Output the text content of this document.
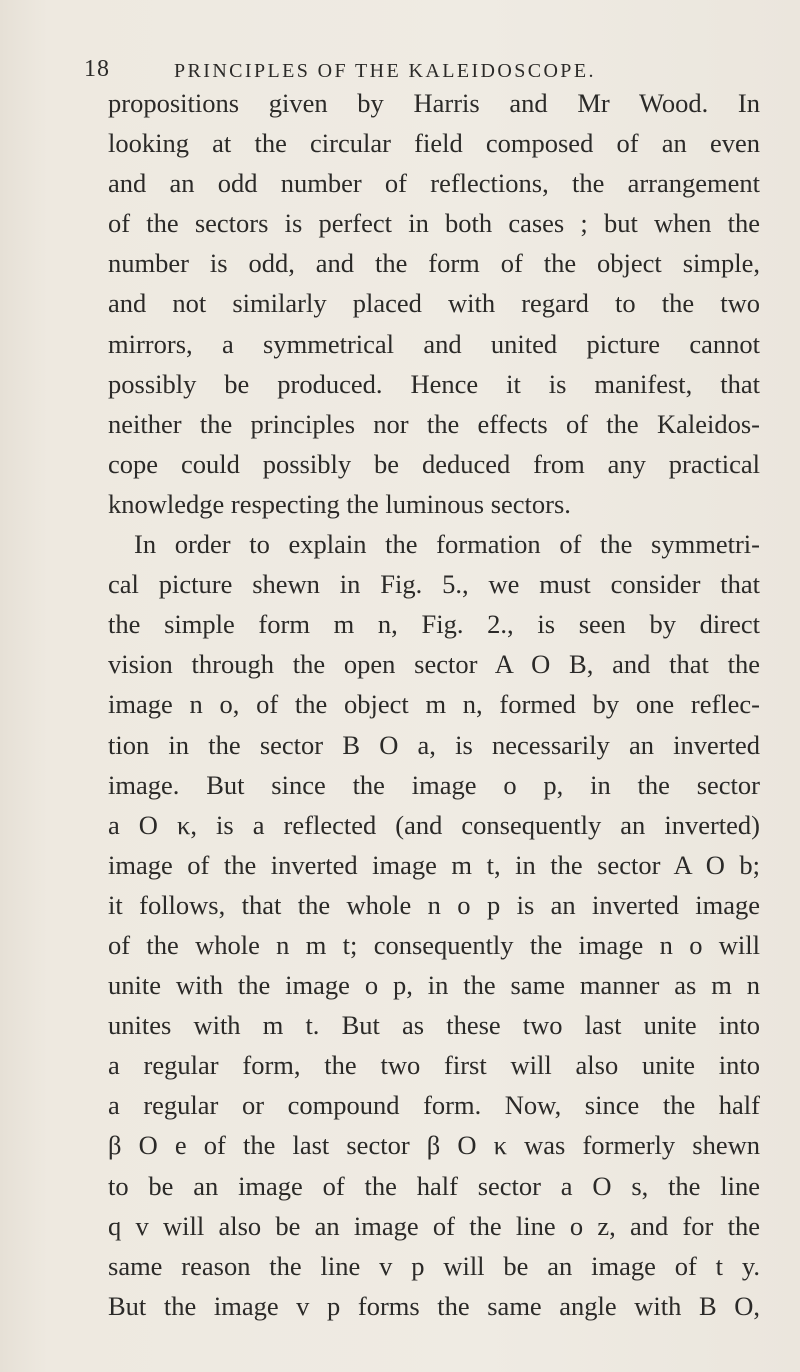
18	PRINCIPLES OF THE KALEIDOSCOPE.
propositions given by Harris and Mr Wood. In
looking at the circular field composed of an even
and an odd number of reflections, the arrangement
of the sectors is perfect in both cases ; but when the
number is odd, and the form of the object simple,
and not similarly placed with regard to the two
mirrors, a symmetrical and united picture cannot
possibly be produced. Hence it is manifest, that
neither the principles nor the effects of the Kaleidos-
cope could possibly be deduced from any practical
knowledge respecting the luminous sectors.
In order to explain the formation of the symmetri-
cal picture shewn in Fig. 5., we must consider that
the simple form m n, Fig. 2., is seen by direct
vision through the open sector A O B, and that the
image n o, of the object m n, formed by one reflec-
tion in the sector B O a, is necessarily an inverted
image. But since the image o p, in the sector
a O κ, is a reflected (and consequently an inverted)
image of the inverted image m t, in the sector A O b;
it follows, that the whole n o p is an inverted image
of the whole n m t; consequently the image n o will
unite with the image o p, in the same manner as m n
unites with m t. But as these two last unite into
a regular form, the two first will also unite into
a regular or compound form. Now, since the half
β O e of the last sector β O κ was formerly shewn
to be an image of the half sector a O s, the line
q v will also be an image of the line o z, and for the
same reason the line v p will be an image of t y.
But the image v p forms the same angle with B O,
